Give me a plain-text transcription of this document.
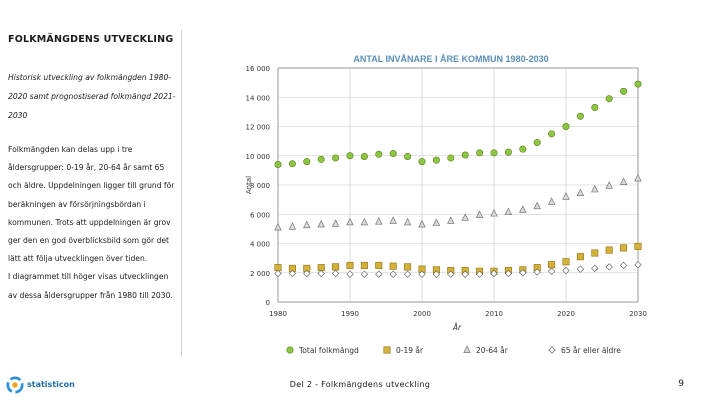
FOLKMÄNGDENS UTVECKLING
Historisk utveckling av folkmängden 1980-2020 samt prognostiserad folkmängd 2021-2030
Folkmängden kan delas upp i tre åldersgrupper: 0-19 år, 20-64 år samt 65 och äldre. Uppdelningen ligger till grund för beräkningen av försörjningsbördan i kommunen. Trots att uppdelningen är grov ger den en god överblicksbild som gör det lätt att följa utvecklingen över tiden.
I diagrammet till höger visas utvecklingen av dessa åldersgrupper från 1980 till 2030.
ANTAL INVÅNARE I ÅRE KOMMUN 1980-2030
0
2 000
4 000
6 000
8 000
10 000
12 000
14 000
16 000
1980	1990	2000	2010	2020	2030
Total folkmängd	0-19 år	20-64 år	65 år eller äldre
År
Antal
statisticon	Del 2 - Folkmängdens utveckling	9
